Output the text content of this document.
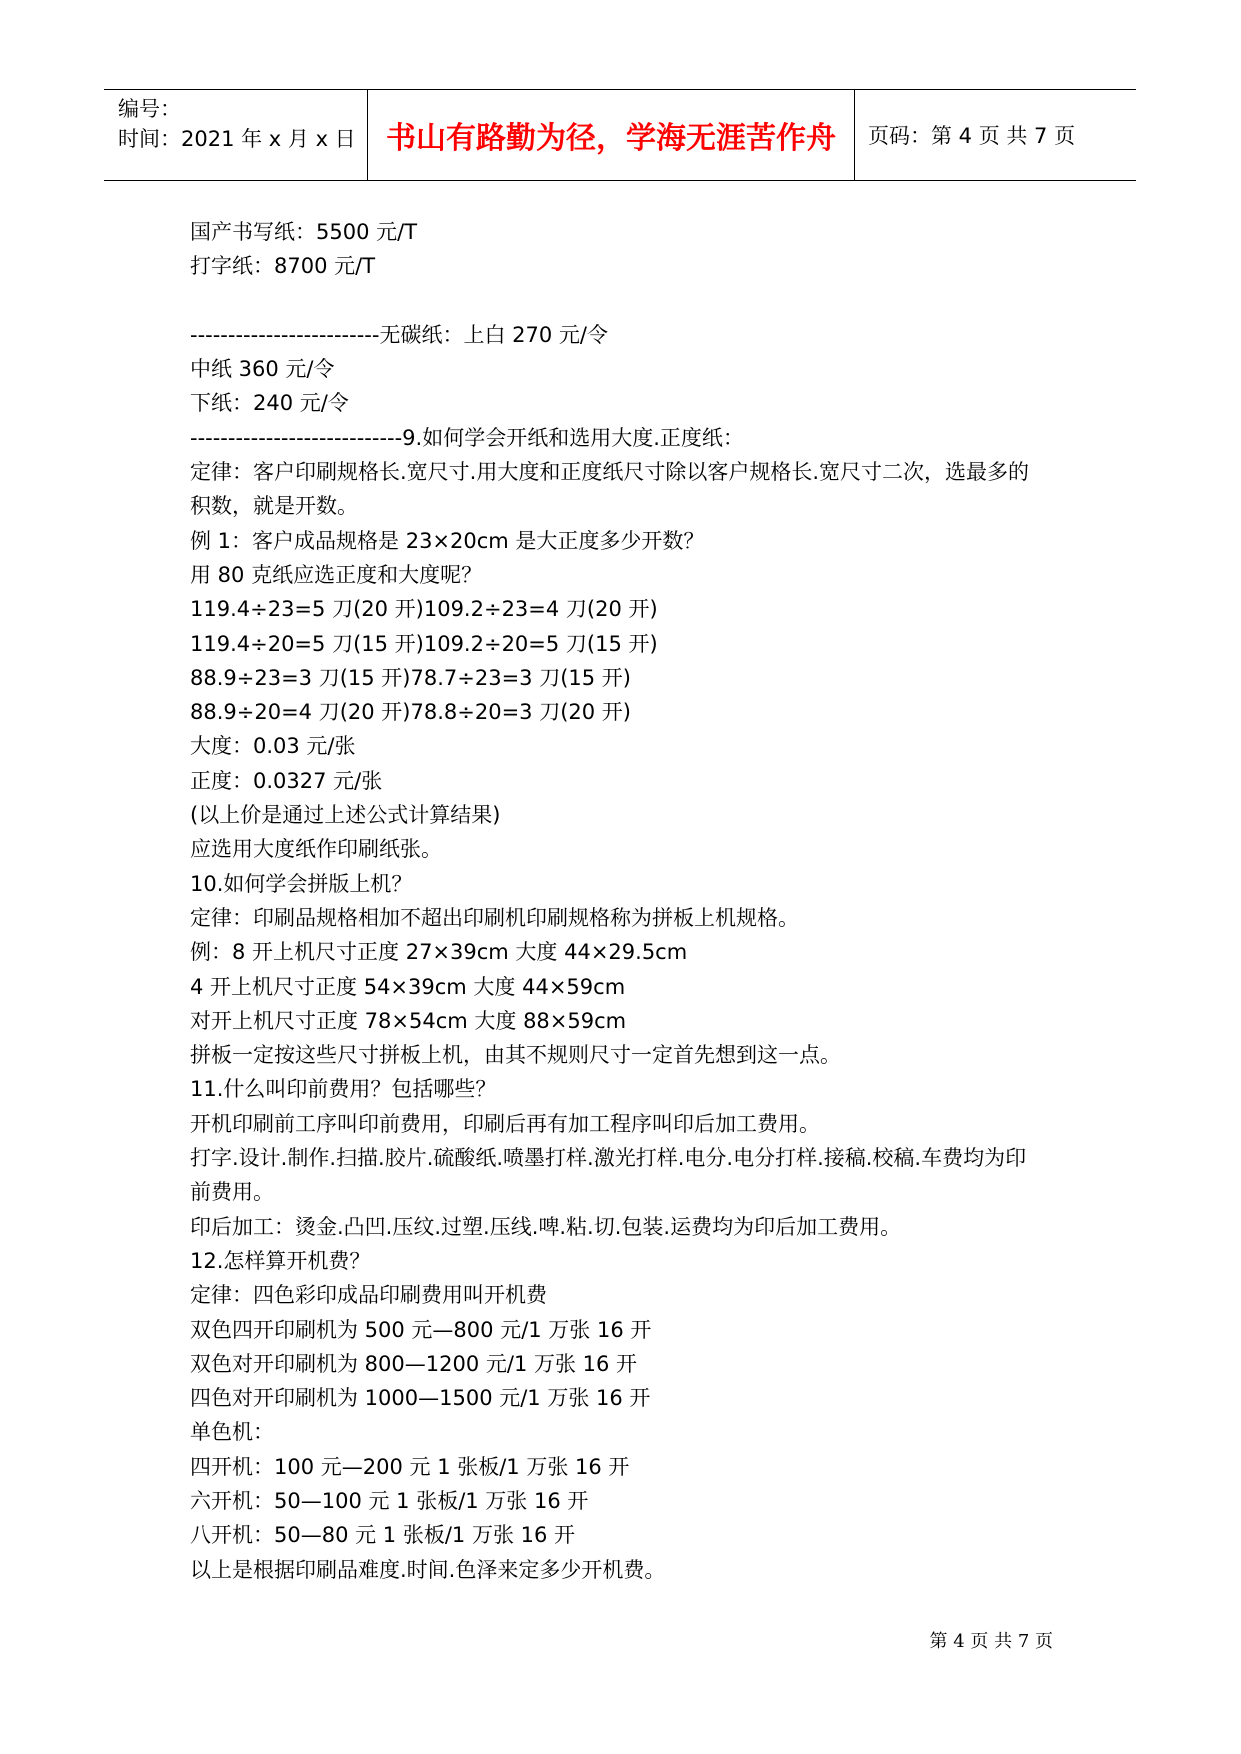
编号：
时间：2021 年 x 月 x 日	书山有路勤为径，学海无涯苦作舟	页码：第 4 页 共 7 页
国产书写纸：5500 元/T
打字纸：8700 元/T
-------------------------无碳纸：上白 270 元/令
中纸 360 元/令
下纸：240 元/令
----------------------------9.如何学会开纸和选用大度.正度纸：
定律：客户印刷规格长.宽尺寸.用大度和正度纸尺寸除以客户规格长.宽尺寸二次，选最多的
积数，就是开数。
例 1：客户成品规格是 23×20cm 是大正度多少开数？
用 80 克纸应选正度和大度呢？
119.4÷23=5 刀(20 开)109.2÷23=4 刀(20 开)
119.4÷20=5 刀(15 开)109.2÷20=5 刀(15 开)
88.9÷23=3 刀(15 开)78.7÷23=3 刀(15 开)
88.9÷20=4 刀(20 开)78.8÷20=3 刀(20 开)
大度：0.03 元/张
正度：0.0327 元/张
(以上价是通过上述公式计算结果)
应选用大度纸作印刷纸张。
10.如何学会拼版上机？
定律：印刷品规格相加不超出印刷机印刷规格称为拼板上机规格。
例：8 开上机尺寸正度 27×39cm 大度 44×29.5cm
4 开上机尺寸正度 54×39cm 大度 44×59cm
对开上机尺寸正度 78×54cm 大度 88×59cm
拼板一定按这些尺寸拼板上机，由其不规则尺寸一定首先想到这一点。
11.什么叫印前费用？包括哪些？
开机印刷前工序叫印前费用，印刷后再有加工程序叫印后加工费用。
打字.设计.制作.扫描.胶片.硫酸纸.喷墨打样.激光打样.电分.电分打样.接稿.校稿.车费均为印
前费用。
印后加工：烫金.凸凹.压纹.过塑.压线.啤.粘.切.包装.运费均为印后加工费用。
12.怎样算开机费？
定律：四色彩印成品印刷费用叫开机费
双色四开印刷机为 500 元—800 元/1 万张 16 开
双色对开印刷机为 800—1200 元/1 万张 16 开
四色对开印刷机为 1000—1500 元/1 万张 16 开
单色机：
四开机：100 元—200 元 1 张板/1 万张 16 开
六开机：50—100 元 1 张板/1 万张 16 开
八开机：50—80 元 1 张板/1 万张 16 开
以上是根据印刷品难度.时间.色泽来定多少开机费。
第 4 页 共 7 页
